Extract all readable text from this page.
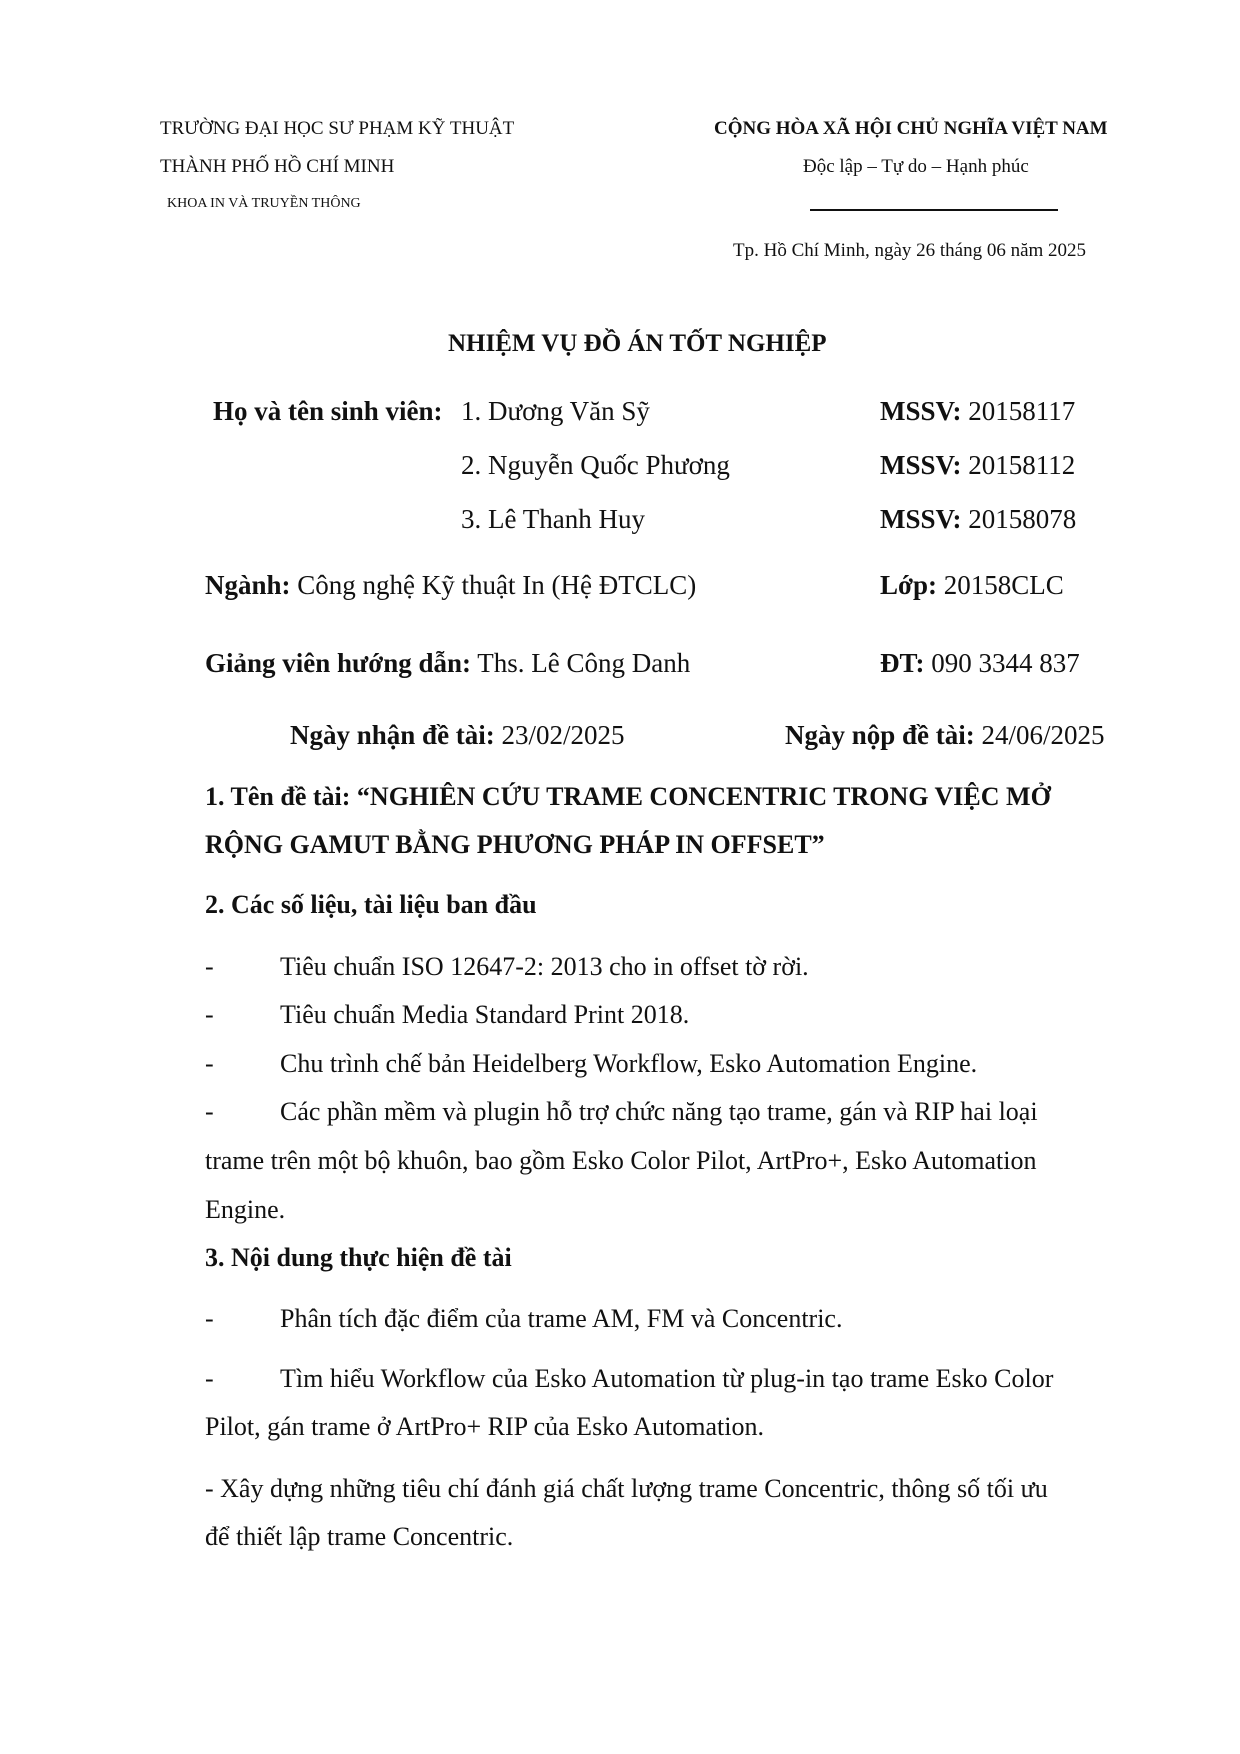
TRƯỜNG ĐẠI HỌC SƯ PHẠM KỸ THUẬT
THÀNH PHỐ HỒ CHÍ MINH
KHOA IN VÀ TRUYỀN THÔNG
CỘNG HÒA XÃ HỘI CHỦ NGHĨA VIỆT NAM
Độc lập – Tự do – Hạnh phúc
Tp. Hồ Chí Minh, ngày 26 tháng 06 năm 2025
NHIỆM VỤ ĐỒ ÁN TỐT NGHIỆP
Họ và tên sinh viên: 1. Dương Văn Sỹ	MSSV: 20158117
2. Nguyễn Quốc Phương	MSSV: 20158112
3. Lê Thanh Huy	MSSV: 20158078
Ngành: Công nghệ Kỹ thuật In (Hệ ĐTCLC)	Lớp: 20158CLC
Giảng viên hướng dẫn: Ths. Lê Công Danh	ĐT: 090 3344 837
Ngày nhận đề tài: 23/02/2025	Ngày nộp đề tài: 24/06/2025
1. Tên đề tài: “NGHIÊN CỨU TRAME CONCENTRIC TRONG VIỆC MỞ
RỘNG GAMUT BẰNG PHƯƠNG PHÁP IN OFFSET”
2. Các số liệu, tài liệu ban đầu
-	Tiêu chuẩn ISO 12647-2: 2013 cho in offset tờ rời.
-	Tiêu chuẩn Media Standard Print 2018.
-	Chu trình chế bản Heidelberg Workflow, Esko Automation Engine.
-	Các phần mềm và plugin hỗ trợ chức năng tạo trame, gán và RIP hai loại
trame trên một bộ khuôn, bao gồm Esko Color Pilot, ArtPro+, Esko Automation
Engine.
3. Nội dung thực hiện đề tài
-	Phân tích đặc điểm của trame AM, FM và Concentric.
-	Tìm hiểu Workflow của Esko Automation từ plug-in tạo trame Esko Color
Pilot, gán trame ở ArtPro+ RIP của Esko Automation.
- Xây dựng những tiêu chí đánh giá chất lượng trame Concentric, thông số tối ưu
để thiết lập trame Concentric.
